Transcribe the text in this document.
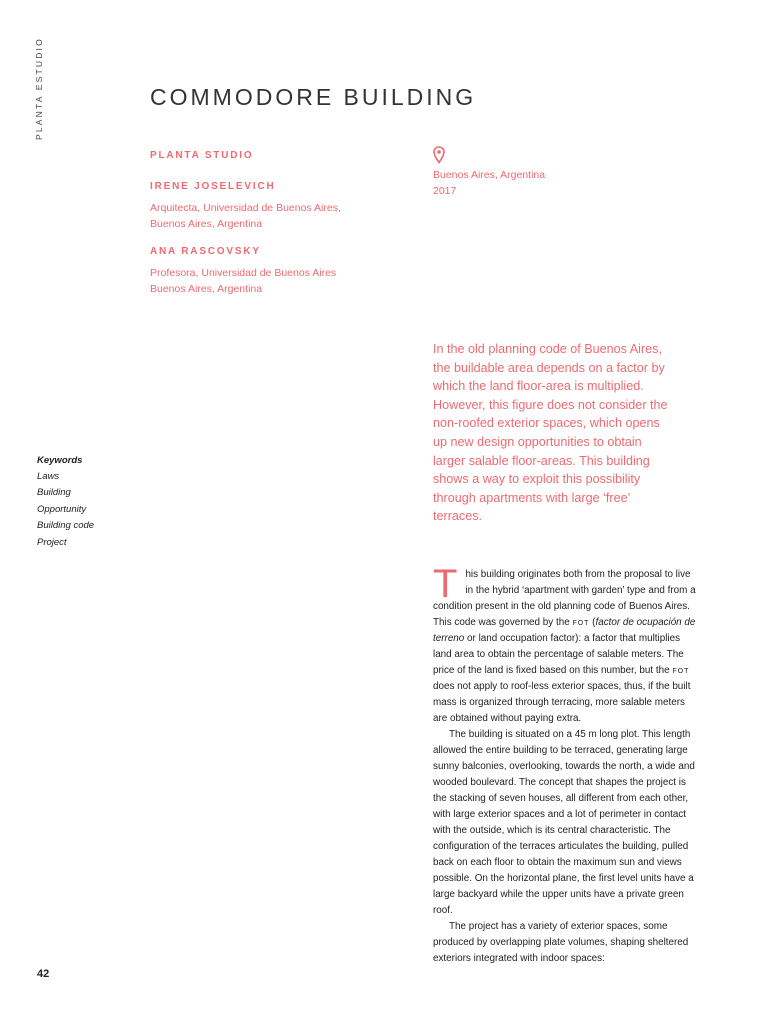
PLANTA ESTUDIO	COMMODORE BUILDING

PLANTA STUDIO

IRENE JOSELEVICH

Arquitecta, Universidad de Buenos Aires,
Buenos Aires, Argentina

ANA RASCOVSKY

Profesora, Universidad de Buenos Aires
Buenos Aires, Argentina

Buenos Aires, Argentina
2017

In the old planning code of Buenos Aires, the buildable area depends on a factor by which the land floor-area is multiplied. However, this figure does not consider the non-roofed exterior spaces, which opens up new design opportunities to obtain larger salable floor-areas. This building shows a way to exploit this possibility through apartments with large ‘free’ terraces.

Keywords

Laws
Building
Opportunity
Building code
Project

This building originates both from the proposal to live in the hybrid ‘apartment with garden’ type and from a condition present in the old planning code of Buenos Aires. This code was governed by the fot (factor de ocupación de terreno or land occupation factor): a factor that multiplies land area to obtain the percentage of salable meters. The price of the land is fixed based on this number, but the fot does not apply to roof-less exterior spaces, thus, if the built mass is organized through terracing, more salable meters are obtained without paying extra.

The building is situated on a 45 m long plot. This length allowed the entire building to be terraced, generating large sunny balconies, overlooking, towards the north, a wide and wooded boulevard. The concept that shapes the project is the stacking of seven houses, all different from each other, with large exterior spaces and a lot of perimeter in contact with the outside, which is its central characteristic. The configuration of the terraces articulates the building, pulled back on each floor to obtain the maximum sun and views possible. On the horizontal plane, the first level units have a large backyard while the upper units have a private green roof.

The project has a variety of exterior spaces, some produced by overlapping plate volumes, shaping sheltered exteriors integrated with indoor spaces:

42
